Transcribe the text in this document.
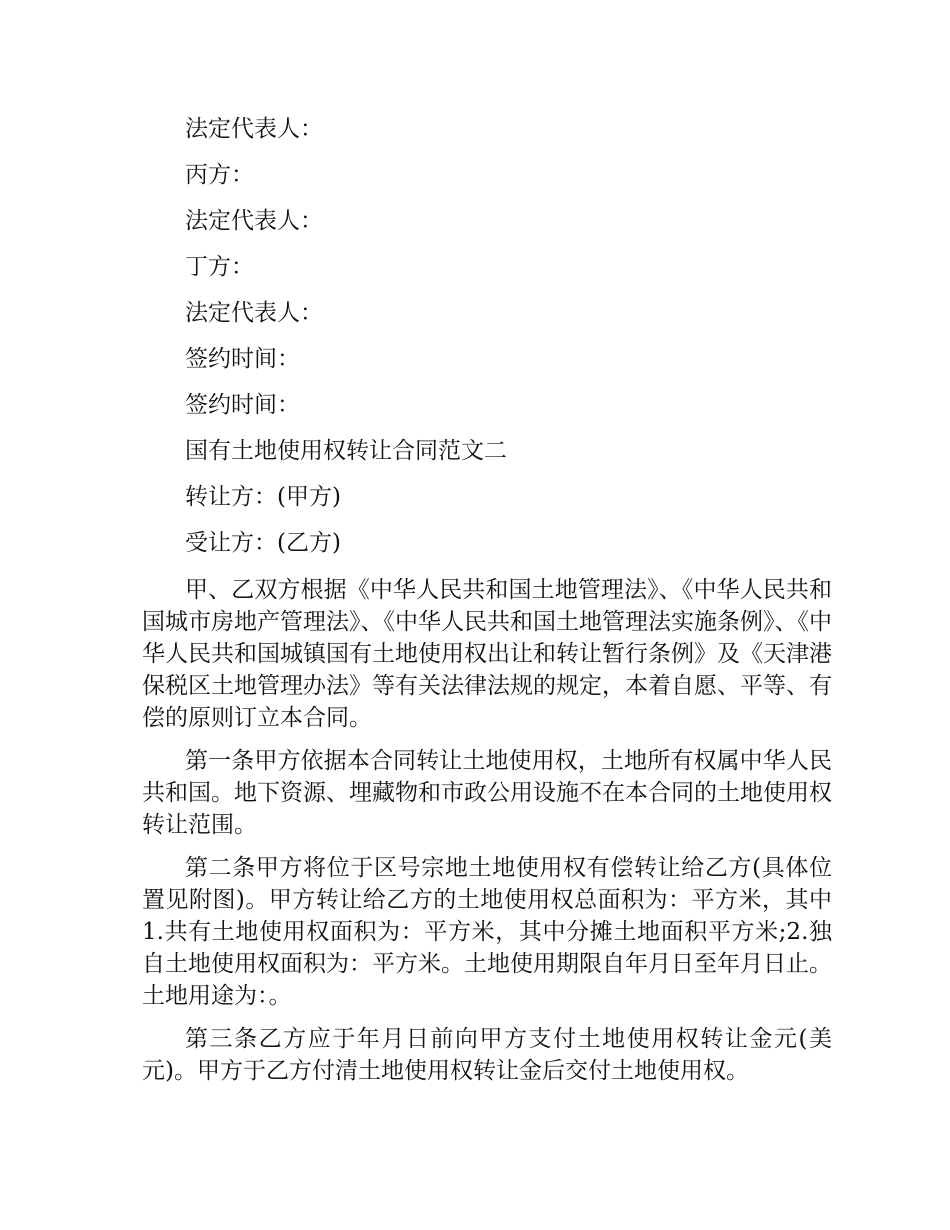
法定代表人：

丙方：

法定代表人：

丁方：

法定代表人：

签约时间：

签约时间：

国有土地使用权转让合同范文二

转让方：(甲方)

受让方：(乙方)

甲、乙双方根据《中华人民共和国土地管理法》、《中华人民共和国城市房地产管理法》、《中华人民共和国土地管理法实施条例》、《中华人民共和国城镇国有土地使用权出让和转让暂行条例》及《天津港保税区土地管理办法》等有关法律法规的规定，本着自愿、平等、有偿的原则订立本合同。

第一条甲方依据本合同转让土地使用权，土地所有权属中华人民共和国。地下资源、埋藏物和市政公用设施不在本合同的土地使用权转让范围。

第二条甲方将位于区号宗地土地使用权有偿转让给乙方(具体位置见附图)。甲方转让给乙方的土地使用权总面积为：平方米，其中1.共有土地使用权面积为：平方米，其中分摊土地面积平方米;2.独自土地使用权面积为：平方米。土地使用期限自年月日至年月日止。土地用途为：。

第三条乙方应于年月日前向甲方支付土地使用权转让金元(美元)。甲方于乙方付清土地使用权转让金后交付土地使用权。
